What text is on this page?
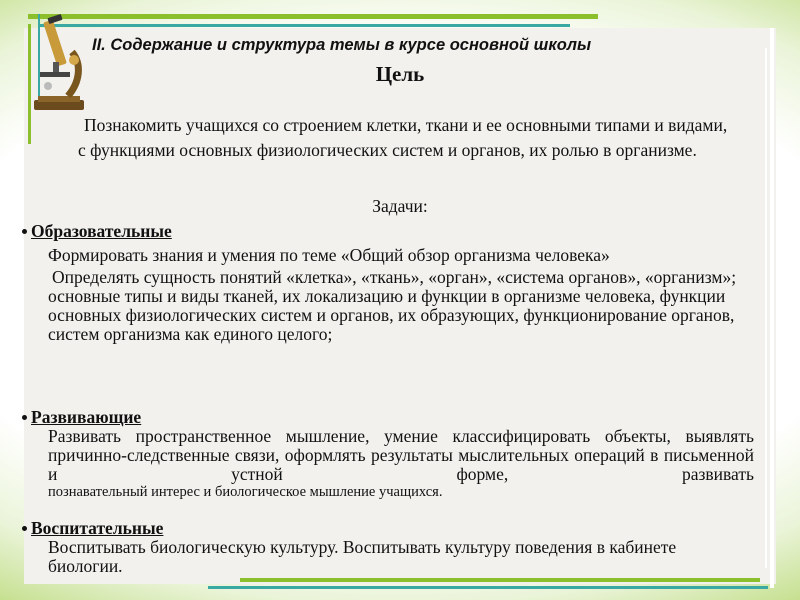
II. Содержание и структура темы в курсе основной школы
Цель
Познакомить учащихся со строением клетки, ткани и ее основными типами и видами, с функциями основных физиологических систем и органов, их ролью в организме.
Задачи:
Образовательные
Формировать знания и умения по теме «Общий обзор организма человека»
Определять сущность понятий «клетка», «ткань», «орган», «система органов», «организм»; основные типы и виды тканей, их локализацию и функции в организме человека, функции основных физиологических систем и органов, их образующих, функционирование органов, систем организма как единого целого;
Развивающие
Развивать пространственное мышление, умение классифицировать объекты, выявлять причинно-следственные связи, оформлять результаты мыслительных операций в письменной и устной форме, развивать
познавательный интерес и биологическое мышление учащихся.
Воспитательные
Воспитывать биологическую культуру. Воспитывать культуру поведения в кабинете биологии.
